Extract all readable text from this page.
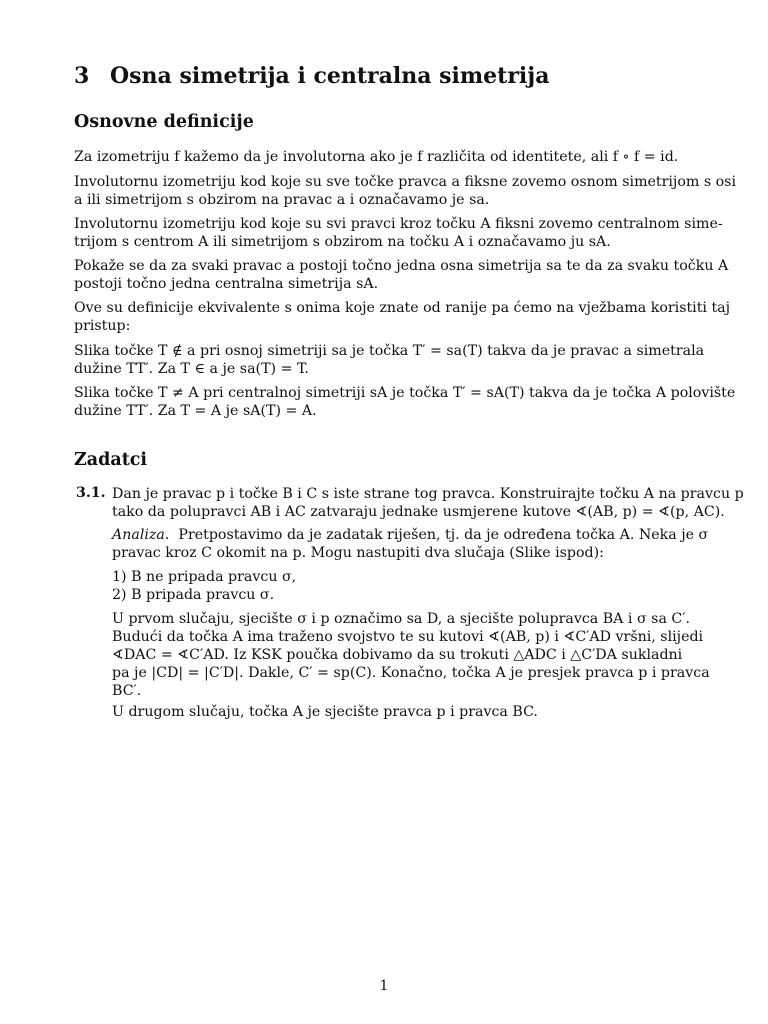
3 Osna simetrija i centralna simetrija
Osnovne definicije
Za izometriju f kažemo da je involutorna ako je f različita od identitete, ali f ∘ f = id.
Involutornu izometriju kod koje su sve točke pravca a fiksne zovemo osnom simetrijom s osi
a ili simetrijom s obzirom na pravac a i označavamo je sa.
Involutornu izometriju kod koje su svi pravci kroz točku A fiksni zovemo centralnom sime-
trijom s centrom A ili simetrijom s obzirom na točku A i označavamo ju sA.
Pokaže se da za svaki pravac a postoji točno jedna osna simetrija sa te da za svaku točku A
postoji točno jedna centralna simetrija sA.
Ove su definicije ekvivalente s onima koje znate od ranije pa ćemo na vježbama koristiti taj
pristup:
Slika točke T ∉ a pri osnoj simetriji sa je točka T′ = sa(T) takva da je pravac a simetrala
dužine TT′. Za T ∈ a je sa(T) = T.
Slika točke T ≠ A pri centralnoj simetriji sA je točka T′ = sA(T) takva da je točka A polovište
dužine TT′. Za T = A je sA(T) = A.
Zadatci
3.1. Dan je pravac p i točke B i C s iste strane tog pravca. Konstruirajte točku A na pravcu p
tako da polupravci AB i AC zatvaraju jednake usmjerene kutove ∢(AB, p) = ∢(p, AC).
Analiza. Pretpostavimo da je zadatak riješen, tj. da je određena točka A. Neka je σ
pravac kroz C okomit na p. Mogu nastupiti dva slučaja (Slike ispod):
1) B ne pripada pravcu σ,
2) B pripada pravcu σ.
U prvom slučaju, sjecište σ i p označimo sa D, a sjecište polupravca BA i σ sa C′.
Budući da točka A ima traženo svojstvo te su kutovi ∢(AB, p) i ∢C′AD vršni, slijedi
∢DAC = ∢C′AD. Iz KSK poučka dobivamo da su trokuti △ADC i △C′DA sukladni
pa je |CD| = |C′D|. Dakle, C′ = sp(C). Konačno, točka A je presjek pravca p i pravca
BC′.
U drugom slučaju, točka A je sjecište pravca p i pravca BC.
1
